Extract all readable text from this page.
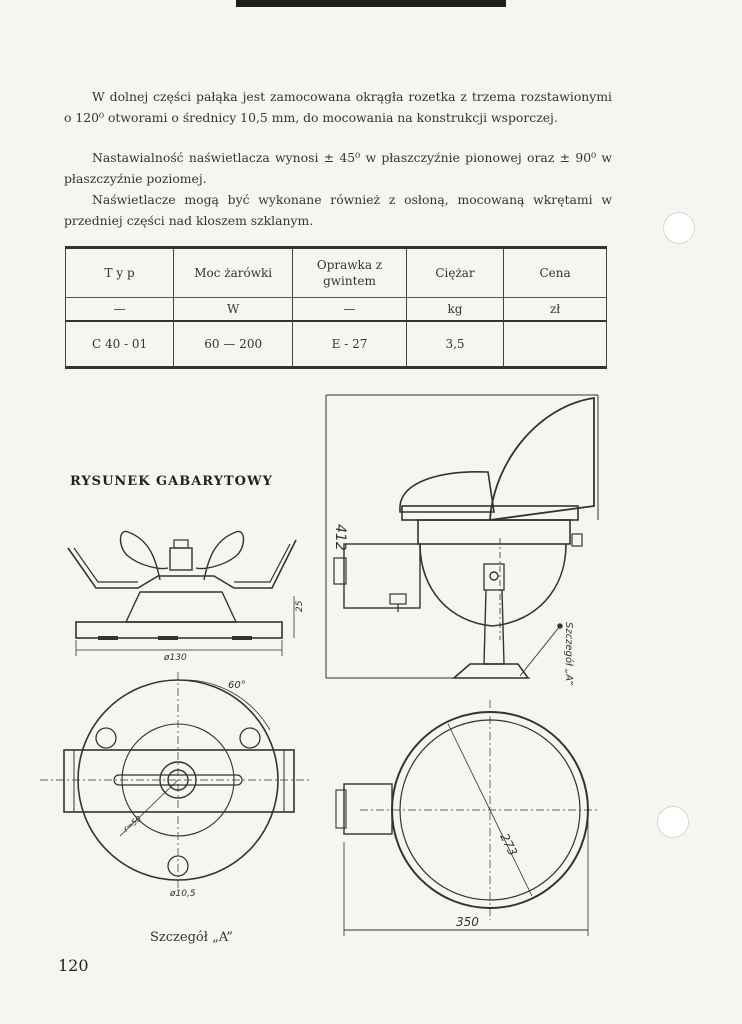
W dolnej części pałąka jest zamocowana okrągła rozetka z trzema rozstawionymi o 120⁰ otworami o średnicy 10,5 mm, do mocowania na konstrukcji wsporczej.

Nastawialność naświetlacza wynosi ± 45⁰ w płaszczyźnie pionowej oraz ± 90⁰ w płaszczyźnie poziomej.

Naświetlacze mogą być wykonane również z osłoną, mocowaną wkrętami w przedniej części nad kloszem szklanym.

T y p	Moc żarówki	Oprawka z gwintem	Ciężar	Cena
—	W	—	kg	zł
C 40 - 01	60 — 200	E - 27	3,5	
RYSUNEK GABARYTOWY
412
25
ø130
60°
r=50
ø10,5
273
350
Szczegół „A”
Szczegół „A”
120
